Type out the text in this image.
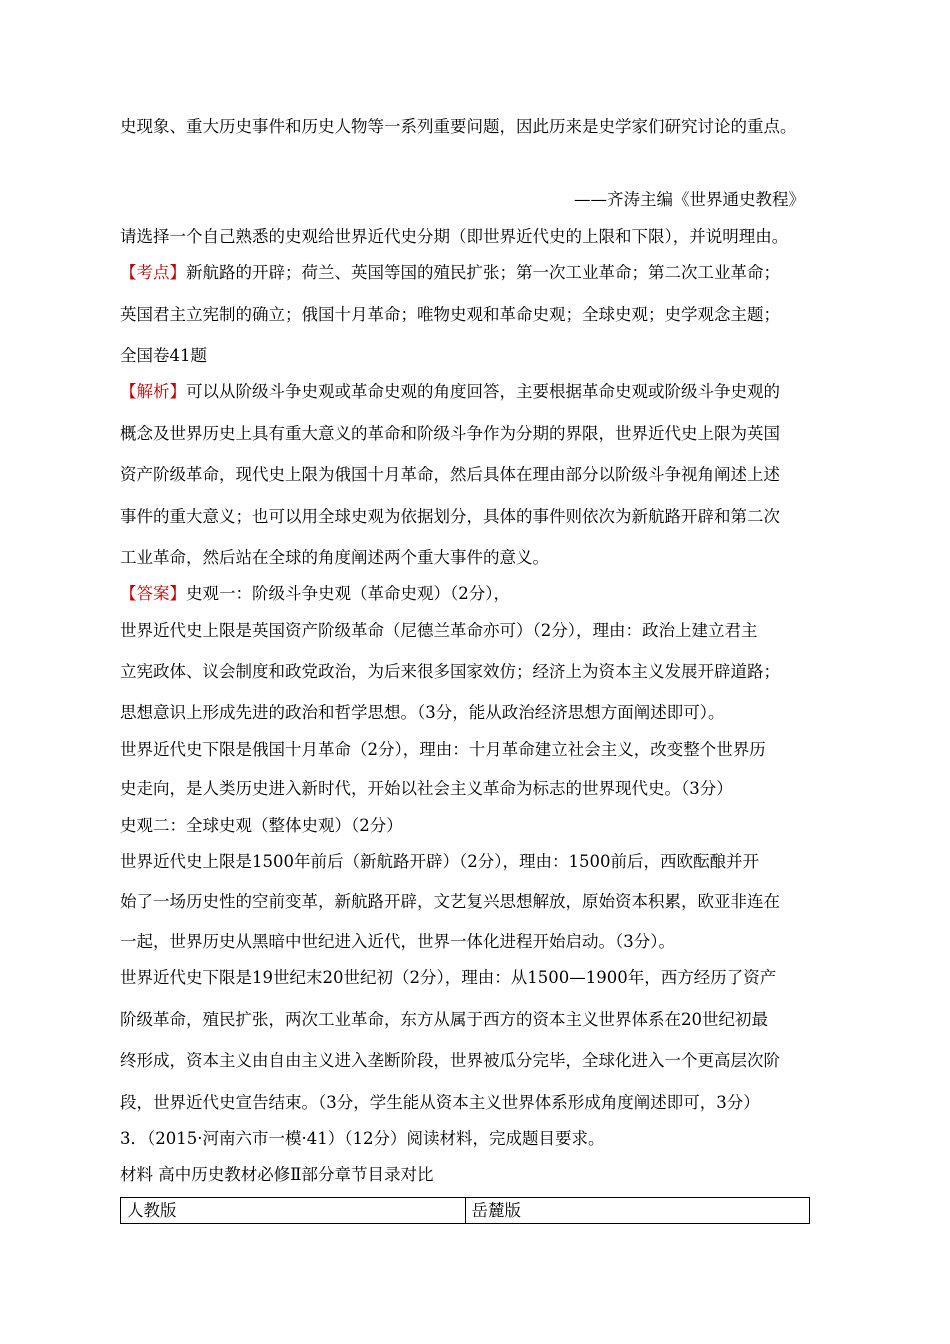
史现象、重大历史事件和历史人物等一系列重要问题，因此历来是史学家们研究讨论的重点。
——齐涛主编《世界通史教程》
请选择一个自己熟悉的史观给世界近代史分期（即世界近代史的上限和下限），并说明理由。
【考点】新航路的开辟；荷兰、英国等国的殖民扩张；第一次工业革命；第二次工业革命；
英国君主立宪制的确立；俄国十月革命；唯物史观和革命史观；全球史观；史学观念主题；
全国卷41题
【解析】可以从阶级斗争史观或革命史观的角度回答，主要根据革命史观或阶级斗争史观的
概念及世界历史上具有重大意义的革命和阶级斗争作为分期的界限，世界近代史上限为英国
资产阶级革命，现代史上限为俄国十月革命，然后具体在理由部分以阶级斗争视角阐述上述
事件的重大意义；也可以用全球史观为依据划分，具体的事件则依次为新航路开辟和第二次
工业革命，然后站在全球的角度阐述两个重大事件的意义。
【答案】史观一：阶级斗争史观（革命史观）（2分），
世界近代史上限是英国资产阶级革命（尼德兰革命亦可）（2分），理由：政治上建立君主
立宪政体、议会制度和政党政治，为后来很多国家效仿；经济上为资本主义发展开辟道路；
思想意识上形成先进的政治和哲学思想。（3分，能从政治经济思想方面阐述即可）。
世界近代史下限是俄国十月革命（2分），理由：十月革命建立社会主义，改变整个世界历
史走向，是人类历史进入新时代，开始以社会主义革命为标志的世界现代史。（3分）
史观二：全球史观（整体史观）（2分）
世界近代史上限是1500年前后（新航路开辟）（2分），理由：1500前后，西欧酝酿并开
始了一场历史性的空前变革，新航路开辟，文艺复兴思想解放，原始资本积累，欧亚非连在
一起，世界历史从黑暗中世纪进入近代，世界一体化进程开始启动。（3分）。
世界近代史下限是19世纪末20世纪初（2分），理由：从1500—1900年，西方经历了资产
阶级革命，殖民扩张，两次工业革命，东方从属于西方的资本主义世界体系在20世纪初最
终形成，资本主义由自由主义进入垄断阶段，世界被瓜分完毕，全球化进入一个更高层次阶
段，世界近代史宣告结束。（3分，学生能从资本主义世界体系形成角度阐述即可，3分）
3．（2015·河南六市一模·41）（12分）阅读材料，完成题目要求。
材料 高中历史教材必修Ⅱ部分章节目录对比
人教版	岳麓版
